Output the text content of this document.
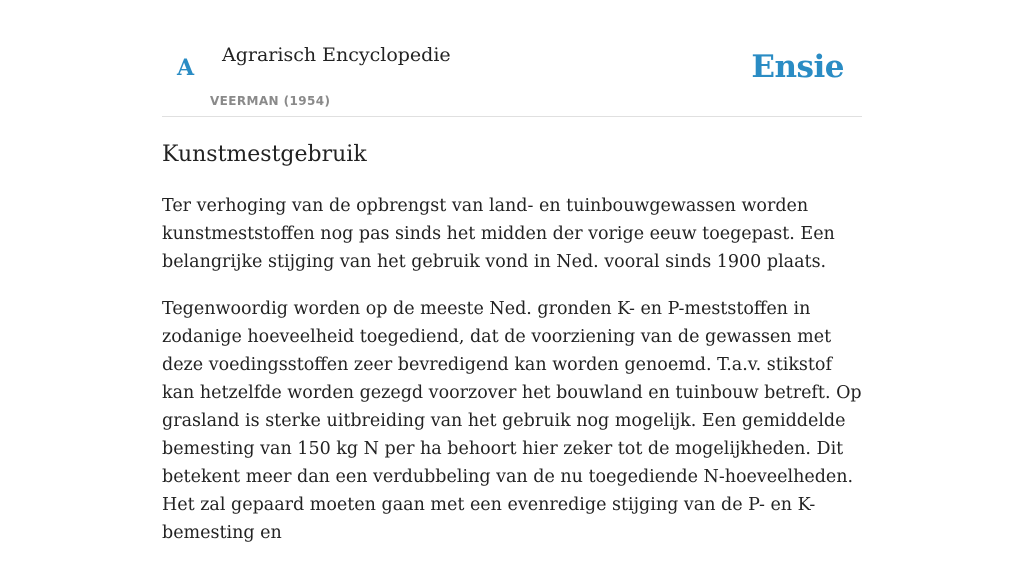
A Agrarisch Encyclopedie
VEERMAN (1954)
Ensie
Kunstmestgebruik

Ter verhoging van de opbrengst van land- en tuinbouwgewassen worden kunstmeststoffen nog pas sinds het midden der vorige eeuw toegepast. Een belangrijke stijging van het gebruik vond in Ned. vooral sinds 1900 plaats.

Tegenwoordig worden op de meeste Ned. gronden K- en P-meststoffen in zodanige hoeveelheid toegediend, dat de voorziening van de gewassen met deze voedingsstoffen zeer bevredigend kan worden genoemd. T.a.v. stikstof kan hetzelfde worden gezegd voorzover het bouwland en tuinbouw betreft. Op grasland is sterke uitbreiding van het gebruik nog mogelijk. Een gemiddelde bemesting van 150 kg N per ha behoort hier zeker tot de mogelijkheden. Dit betekent meer dan een verdubbeling van de nu toegediende N-hoeveelheden. Het zal gepaard moeten gaan met een evenredige stijging van de P- en K-bemesting en
